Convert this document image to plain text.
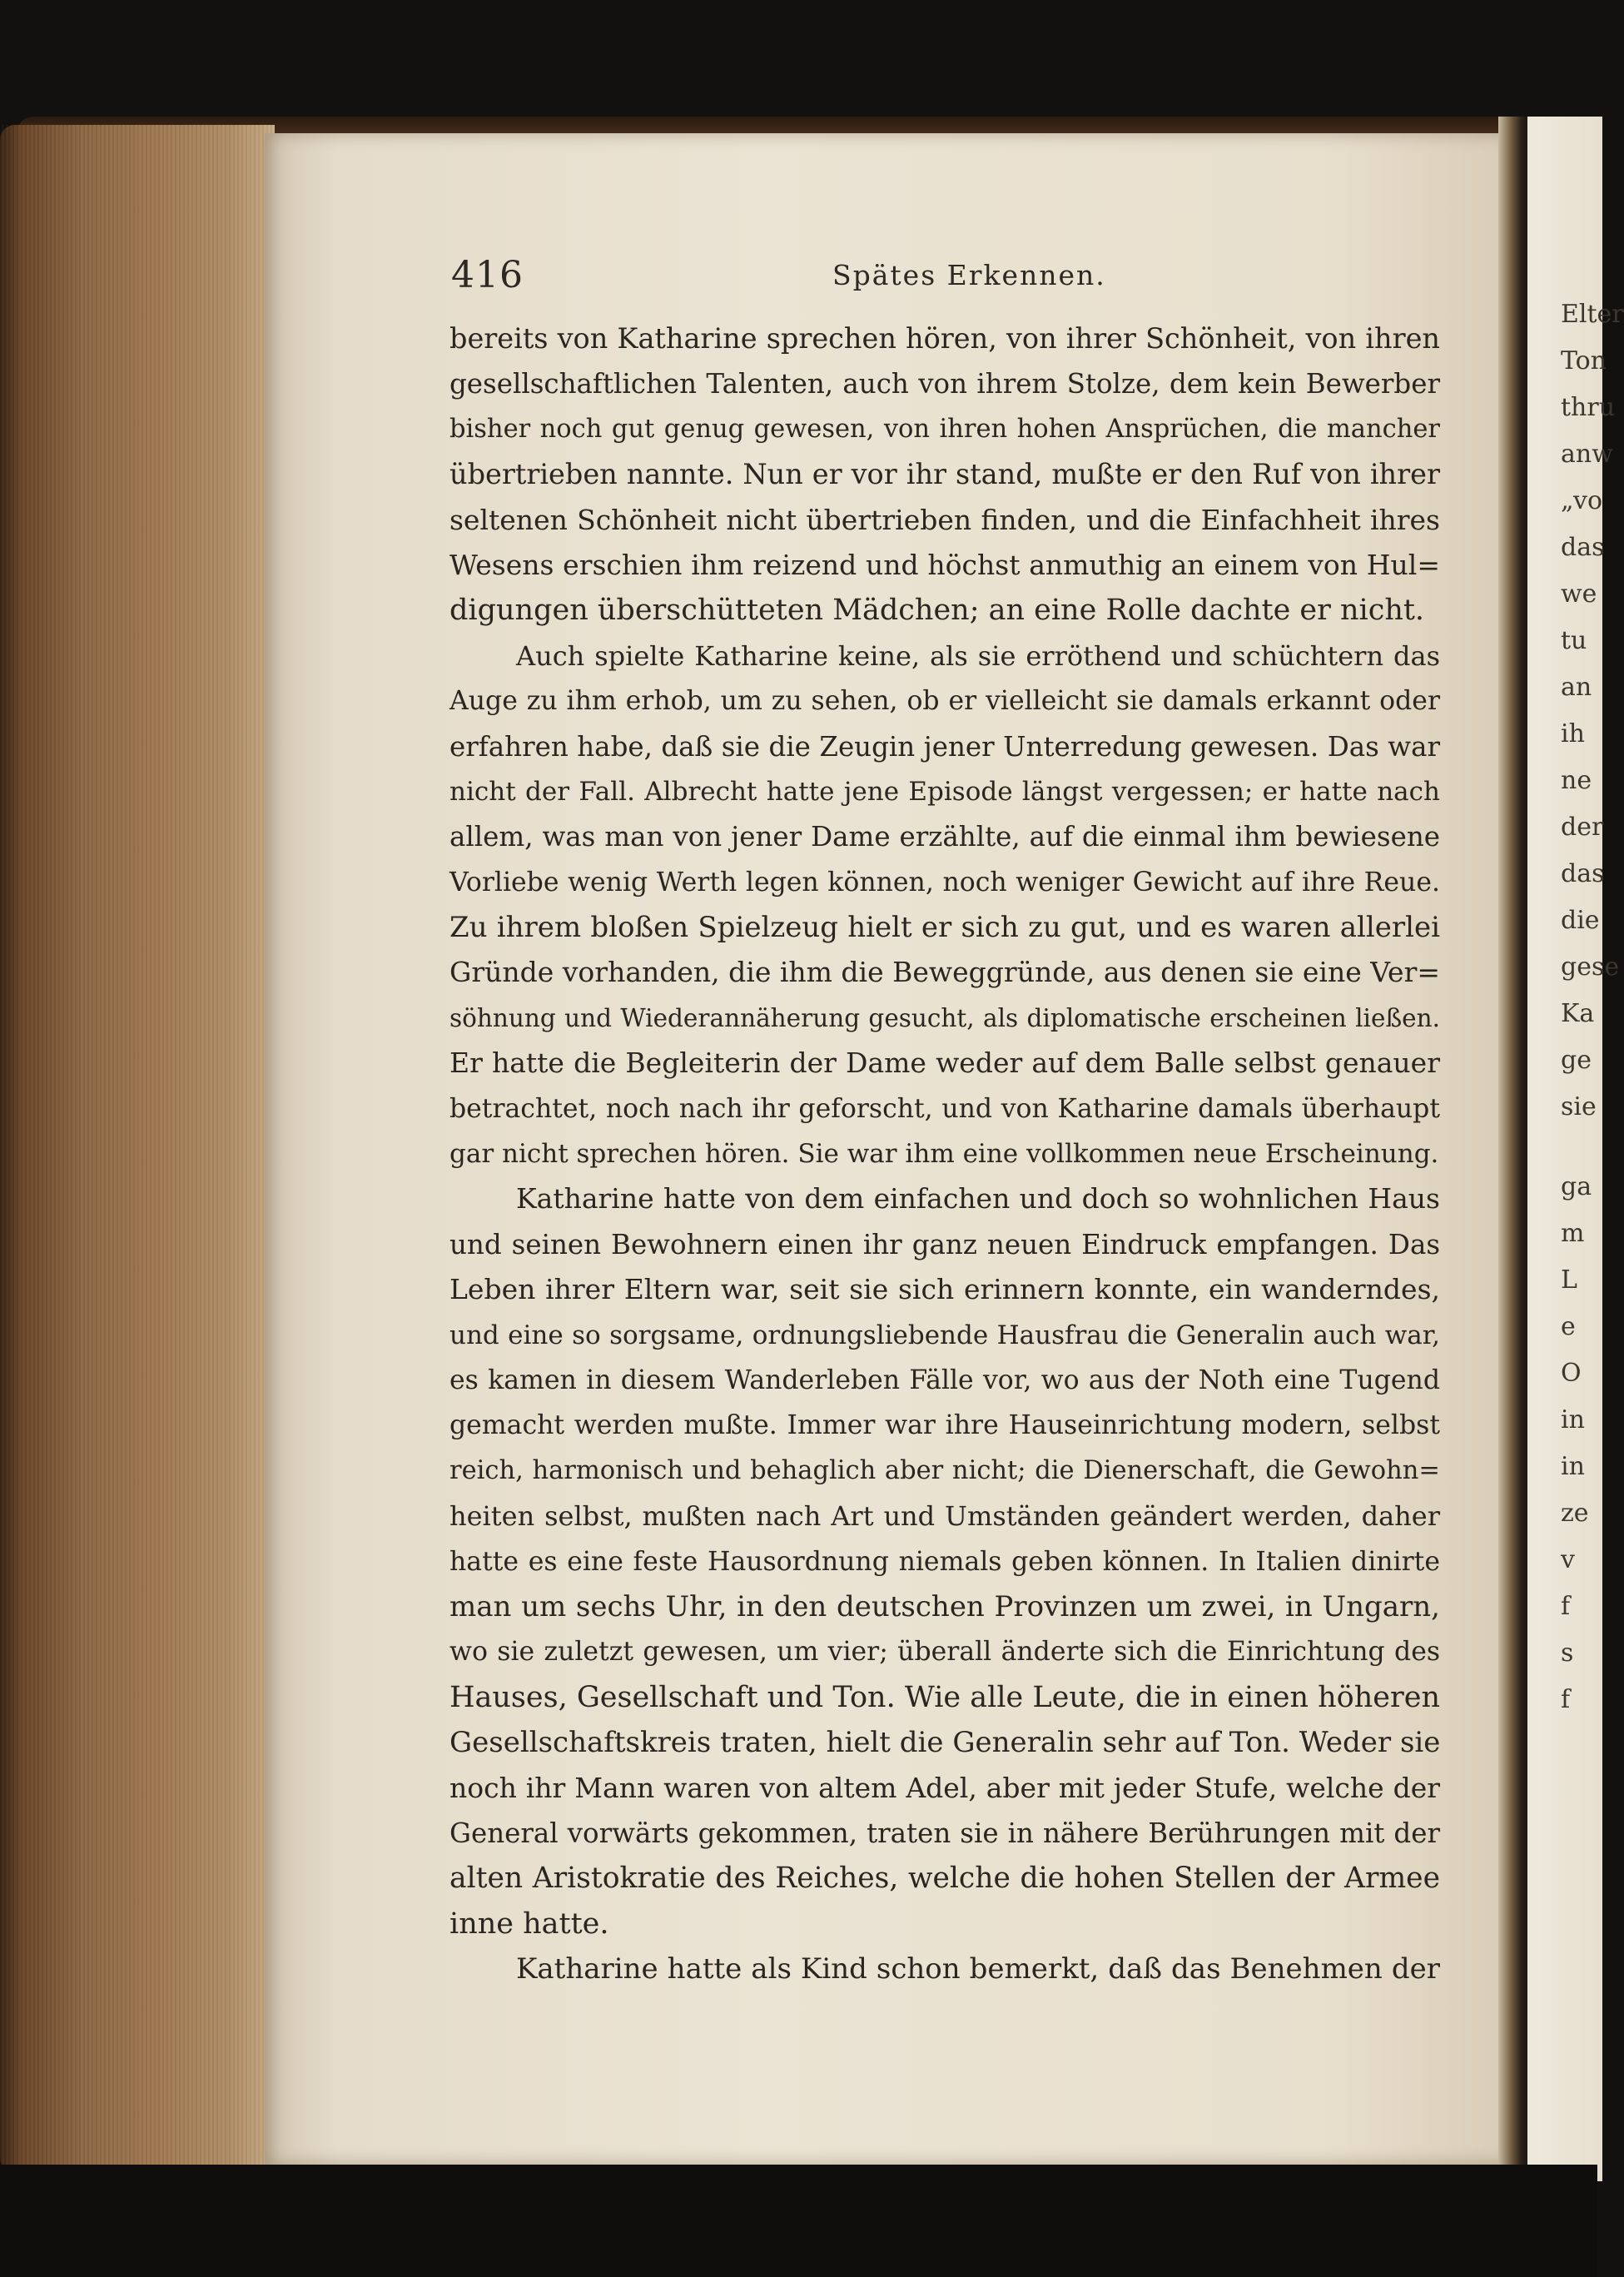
Elter
Ton
thru
anw
„vo
das
we
tu
an
ih
ne
der
das
die
gese
Ka
ge
sie
ga
m
L
e
O
in
in
ze
v
f
s
f
416	Spätes Erkennen.
bereits von Katharine sprechen hören, von ihrer Schönheit, von ihren
gesellschaftlichen Talenten, auch von ihrem Stolze, dem kein Bewerber
bisher noch gut genug gewesen, von ihren hohen Ansprüchen, die mancher
übertrieben nannte. Nun er vor ihr stand, mußte er den Ruf von ihrer
seltenen Schönheit nicht übertrieben finden, und die Einfachheit ihres
Wesens erschien ihm reizend und höchst anmuthig an einem von Hul=
digungen überschütteten Mädchen; an eine Rolle dachte er nicht.
Auch spielte Katharine keine, als sie erröthend und schüchtern das
Auge zu ihm erhob, um zu sehen, ob er vielleicht sie damals erkannt oder
erfahren habe, daß sie die Zeugin jener Unterredung gewesen. Das war
nicht der Fall. Albrecht hatte jene Episode längst vergessen; er hatte nach
allem, was man von jener Dame erzählte, auf die einmal ihm bewiesene
Vorliebe wenig Werth legen können, noch weniger Gewicht auf ihre Reue.
Zu ihrem bloßen Spielzeug hielt er sich zu gut, und es waren allerlei
Gründe vorhanden, die ihm die Beweggründe, aus denen sie eine Ver=
söhnung und Wiederannäherung gesucht, als diplomatische erscheinen ließen.
Er hatte die Begleiterin der Dame weder auf dem Balle selbst genauer
betrachtet, noch nach ihr geforscht, und von Katharine damals überhaupt
gar nicht sprechen hören. Sie war ihm eine vollkommen neue Erscheinung.
Katharine hatte von dem einfachen und doch so wohnlichen Haus
und seinen Bewohnern einen ihr ganz neuen Eindruck empfangen. Das
Leben ihrer Eltern war, seit sie sich erinnern konnte, ein wanderndes,
und eine so sorgsame, ordnungsliebende Hausfrau die Generalin auch war,
es kamen in diesem Wanderleben Fälle vor, wo aus der Noth eine Tugend
gemacht werden mußte. Immer war ihre Hauseinrichtung modern, selbst
reich, harmonisch und behaglich aber nicht; die Dienerschaft, die Gewohn=
heiten selbst, mußten nach Art und Umständen geändert werden, daher
hatte es eine feste Hausordnung niemals geben können. In Italien dinirte
man um sechs Uhr, in den deutschen Provinzen um zwei, in Ungarn,
wo sie zuletzt gewesen, um vier; überall änderte sich die Einrichtung des
Hauses, Gesellschaft und Ton. Wie alle Leute, die in einen höheren
Gesellschaftskreis traten, hielt die Generalin sehr auf Ton. Weder sie
noch ihr Mann waren von altem Adel, aber mit jeder Stufe, welche der
General vorwärts gekommen, traten sie in nähere Berührungen mit der
alten Aristokratie des Reiches, welche die hohen Stellen der Armee
inne hatte.
Katharine hatte als Kind schon bemerkt, daß das Benehmen der
